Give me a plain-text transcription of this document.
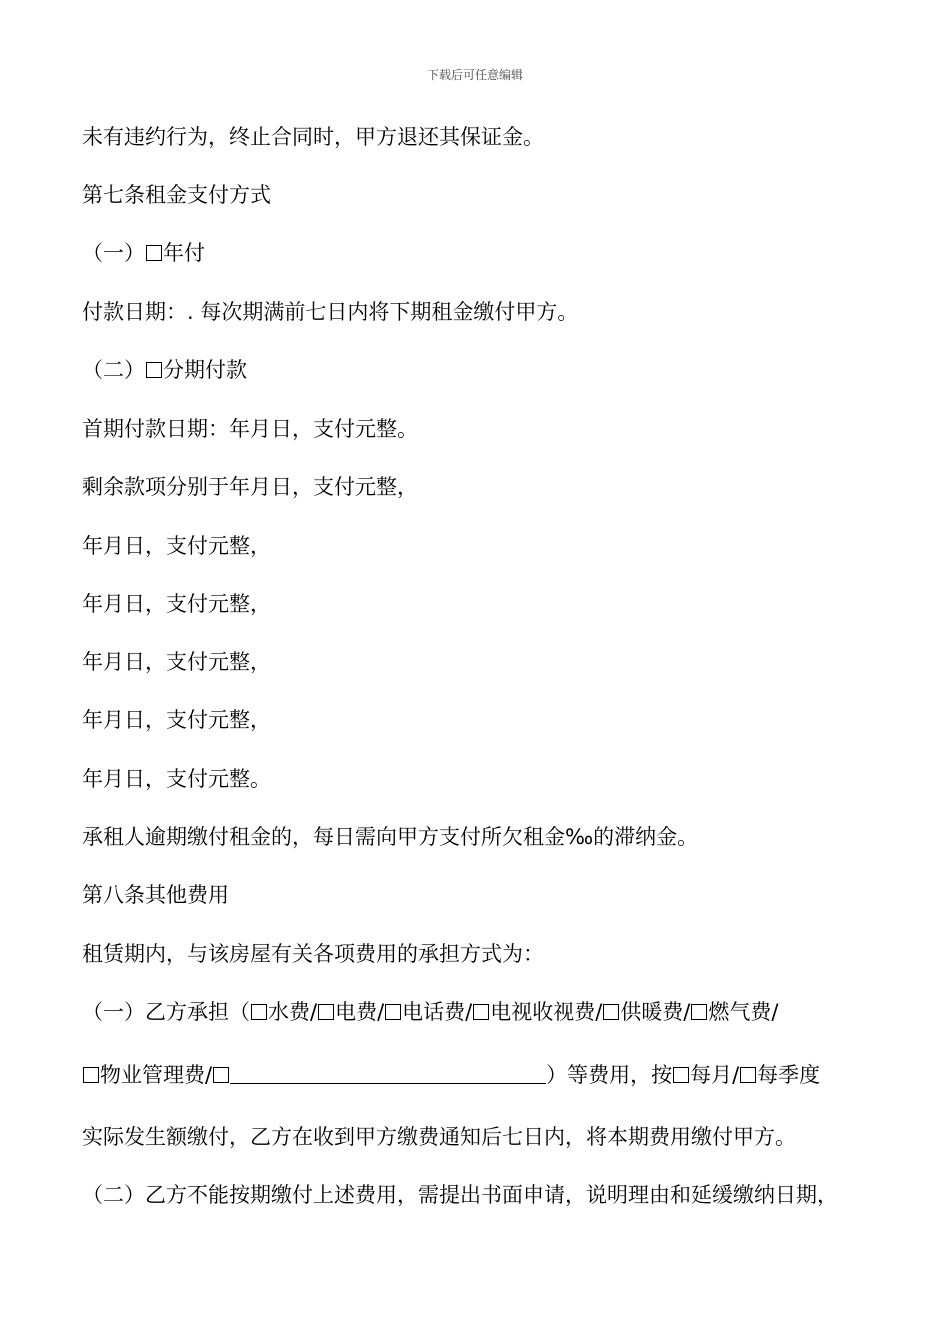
下载后可任意编辑
未有违约行为，终止合同时，甲方退还其保证金。
第七条租金支付方式
（一） 年付
付款日期：. 每次期满前七日内将下期租金缴付甲方。
（二） 分期付款
首期付款日期：年月日，支付元整。
剩余款项分别于年月日，支付元整，
年月日，支付元整，
年月日，支付元整，
年月日，支付元整，
年月日，支付元整，
年月日，支付元整。
承租人逾期缴付租金的，每日需向甲方支付所欠租金‰的滞纳金。
第八条其他费用
租赁期内，与该房屋有关各项费用的承担方式为：
（一）乙方承担（ 水费/ 电费/ 电话费/ 电视收视费/ 供暖费/ 燃气费/
物业管理费/	）等费用，按 每月/ 每季度
实际发生额缴付，乙方在收到甲方缴费通知后七日内，将本期费用缴付甲方。
（二）乙方不能按期缴付上述费用，需提出书面申请，说明理由和延缓缴纳日期，
